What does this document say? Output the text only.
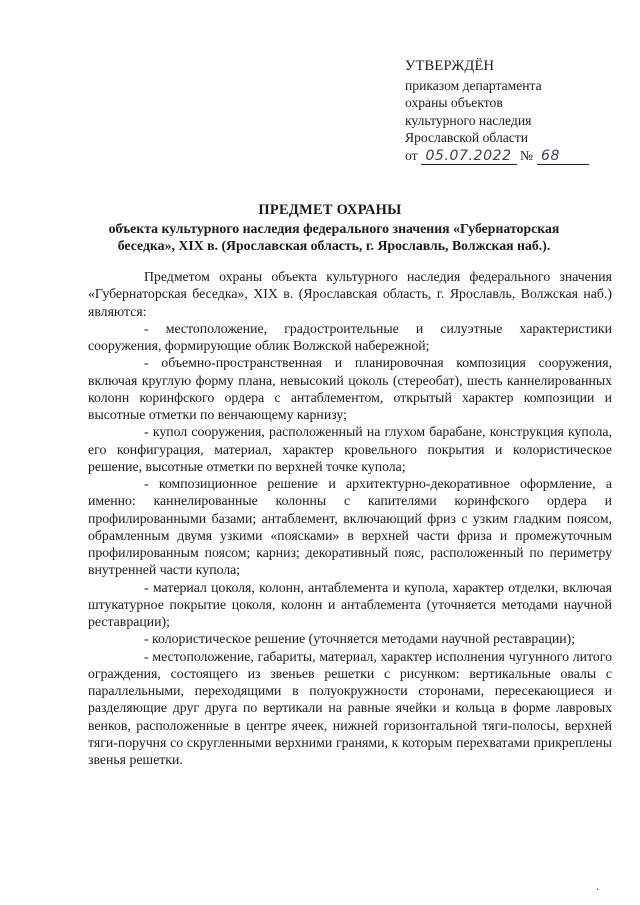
УТВЕРЖДЁН
приказом департамента
охраны объектов
культурного наследия
Ярославской области
от 05.07.2022 № 68
ПРЕДМЕТ ОХРАНЫ
объекта культурного наследия федерального значения «Губернаторская беседка», XIX в. (Ярославская область, г. Ярославль, Волжская наб.).

Предметом охраны объекта культурного наследия федерального значения «Губернаторская беседка», XIX в. (Ярославская область, г. Ярославль, Волжская наб.) являются:

- местоположение, градостроительные и силуэтные характеристики сооружения, формирующие облик Волжской набережной;

- объемно-пространственная и планировочная композиция сооружения, включая круглую форму плана, невысокий цоколь (стереобат), шесть каннелированных колонн коринфского ордера с антаблементом, открытый характер композиции и высотные отметки по венчающему карнизу;

- купол сооружения, расположенный на глухом барабане, конструкция купола, его конфигурация, материал, характер кровельного покрытия и колористическое решение, высотные отметки по верхней точке купола;

- композиционное решение и архитектурно-декоративное оформление, а именно: каннелированные колонны с капителями коринфского ордера и профилированными базами; антаблемент, включающий фриз с узким гладким поясом, обрамленным двумя узкими «поясками» в верхней части фриза и промежуточным профилированным поясом; карниз; декоративный пояс, расположенный по периметру внутренней части купола;

- материал цоколя, колонн, антаблемента и купола, характер отделки, включая штукатурное покрытие цоколя, колонн и антаблемента (уточняется методами научной реставрации);

- колористическое решение (уточняется методами научной реставрации);

- местоположение, габариты, материал, характер исполнения чугунного литого ограждения, состоящего из звеньев решетки с рисунком: вертикальные овалы с параллельными, переходящими в полуокружности сторонами, пересекающиеся и разделяющие друг друга по вертикали на равные ячейки и кольца в форме лавровых венков, расположенные в центре ячеек, нижней горизонтальной тяги-полосы, верхней тяги-поручня со скругленными верхними гранями, к которым перехватами прикреплены звенья решетки.

˛
